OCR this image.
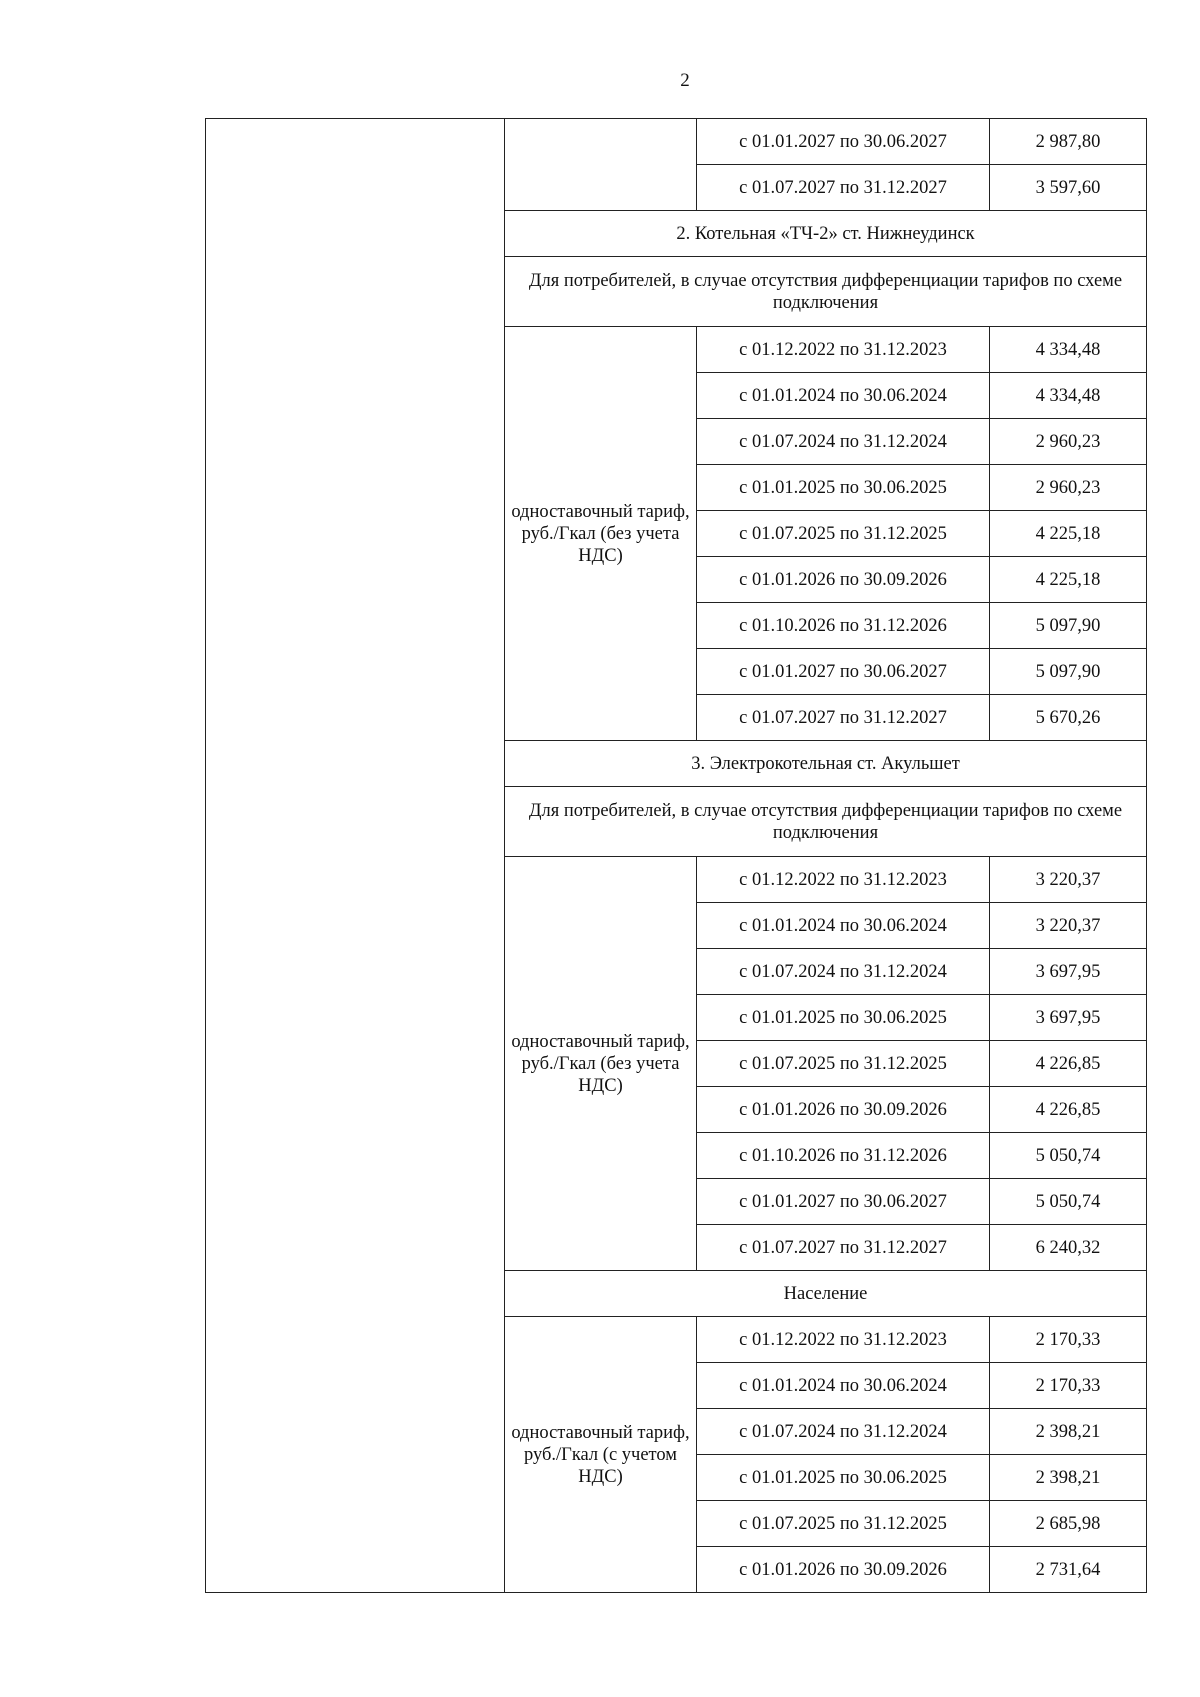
2
		с 01.01.2027 по 30.06.2027	2 987,80
		с 01.07.2027 по 31.12.2027	3 597,60
	2. Котельная «ТЧ-2» ст. Нижнеудинск		
	Для потребителей, в случае отсутствия дифференциации тарифов по схеме подключения		
	одноставочный тариф, руб./Гкал (без учета НДС)	с 01.12.2022 по 31.12.2023	4 334,48
		с 01.01.2024 по 30.06.2024	4 334,48
		с 01.07.2024 по 31.12.2024	2 960,23
		с 01.01.2025 по 30.06.2025	2 960,23
		с 01.07.2025 по 31.12.2025	4 225,18
		с 01.01.2026 по 30.09.2026	4 225,18
		с 01.10.2026 по 31.12.2026	5 097,90
		с 01.01.2027 по 30.06.2027	5 097,90
		с 01.07.2027 по 31.12.2027	5 670,26
	3. Электрокотельная ст. Акульшет		
	Для потребителей, в случае отсутствия дифференциации тарифов по схеме подключения		
	одноставочный тариф, руб./Гкал (без учета НДС)	с 01.12.2022 по 31.12.2023	3 220,37
		с 01.01.2024 по 30.06.2024	3 220,37
		с 01.07.2024 по 31.12.2024	3 697,95
		с 01.01.2025 по 30.06.2025	3 697,95
		с 01.07.2025 по 31.12.2025	4 226,85
		с 01.01.2026 по 30.09.2026	4 226,85
		с 01.10.2026 по 31.12.2026	5 050,74
		с 01.01.2027 по 30.06.2027	5 050,74
		с 01.07.2027 по 31.12.2027	6 240,32
	Население		
	одноставочный тариф, руб./Гкал (с учетом НДС)	с 01.12.2022 по 31.12.2023	2 170,33
		с 01.01.2024 по 30.06.2024	2 170,33
		с 01.07.2024 по 31.12.2024	2 398,21
		с 01.01.2025 по 30.06.2025	2 398,21
		с 01.07.2025 по 31.12.2025	2 685,98
		с 01.01.2026 по 30.09.2026	2 731,64
